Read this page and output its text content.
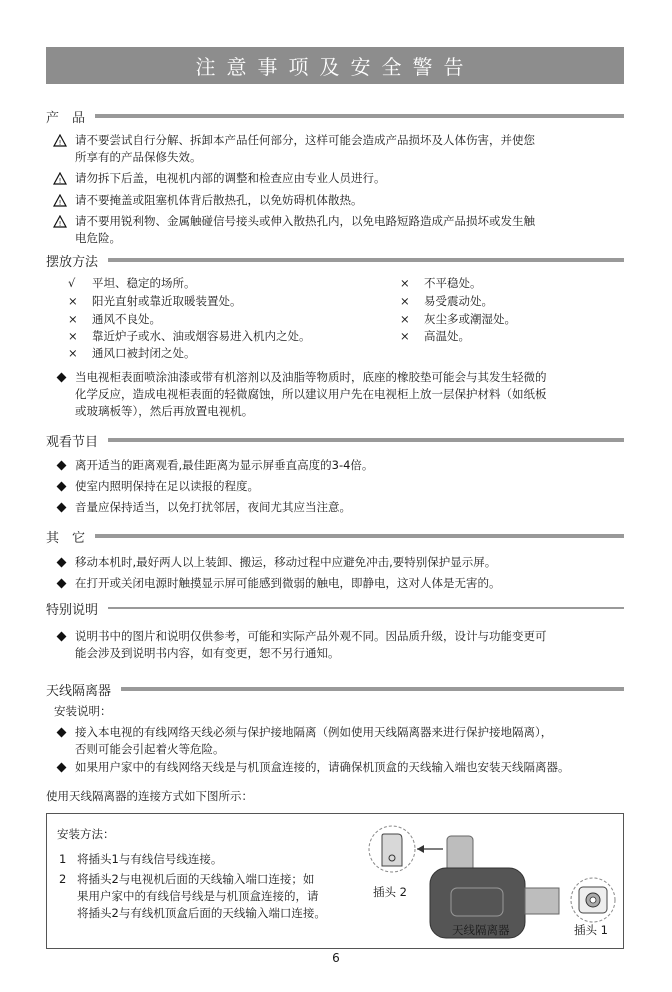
注意事项及安全警告
产　品
! 请不要尝试自行分解、拆卸本产品任何部分，这样可能会造成产品损坏及人体伤害，并使您
所享有的产品保修失效。
! 请勿拆下后盖，电视机内部的调整和检查应由专业人员进行。
! 请不要掩盖或阻塞机体背后散热孔，以免妨碍机体散热。
! 请不要用锐利物、金属触碰信号接头或伸入散热孔内，以免电路短路造成产品损坏或发生触
电危险。
摆放方法
√ 平坦、稳定的场所。
× 阳光直射或靠近取暖装置处。
× 通风不良处。
× 靠近炉子或水、油或烟容易进入机内之处。
× 通风口被封闭之处。
× 不平稳处。
× 易受震动处。
× 灰尘多或潮湿处。
× 高温处。
当电视柜表面喷涂油漆或带有机溶剂以及油脂等物质时，底座的橡胶垫可能会与其发生轻微的
化学反应，造成电视柜表面的轻微腐蚀，所以建议用户先在电视柜上放一层保护材料（如纸板
或玻璃板等），然后再放置电视机。
观看节目
离开适当的距离观看,最佳距离为显示屏垂直高度的3-4倍。
使室内照明保持在足以读报的程度。
音量应保持适当，以免打扰邻居，夜间尤其应当注意。
其　它
移动本机时,最好两人以上装卸、搬运，移动过程中应避免冲击,要特别保护显示屏。
在打开或关闭电源时触摸显示屏可能感到微弱的触电，即静电，这对人体是无害的。
特别说明
说明书中的图片和说明仅供参考，可能和实际产品外观不同。因品质升级，设计与功能变更可
能会涉及到说明书内容，如有变更，恕不另行通知。
天线隔离器
安装说明：
接入本电视的有线网络天线必须与保护接地隔离（例如使用天线隔离器来进行保护接地隔离），
否则可能会引起着火等危险。
如果用户家中的有线网络天线是与机顶盒连接的，请确保机顶盒的天线输入端也安装天线隔离器。
使用天线隔离器的连接方式如下图所示：
安装方法：
1 将插头1与有线信号线连接。
2 将插头2与电视机后面的天线输入端口连接；如
果用户家中的有线信号线是与机顶盒连接的，请
将插头2与有线机顶盒后面的天线输入端口连接。
插头 2
天线隔离器	插头 1
6
